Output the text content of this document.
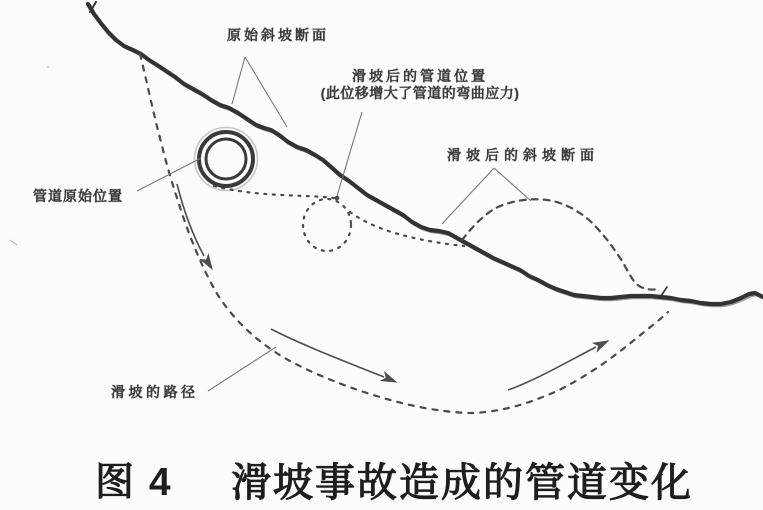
原始斜坡断面
滑坡后的管道位置
(此位移增大了管道的弯曲应力)
滑坡后的斜坡断面
管道原始位置
滑坡的路径
图 4 滑坡事故造成的管道变化
